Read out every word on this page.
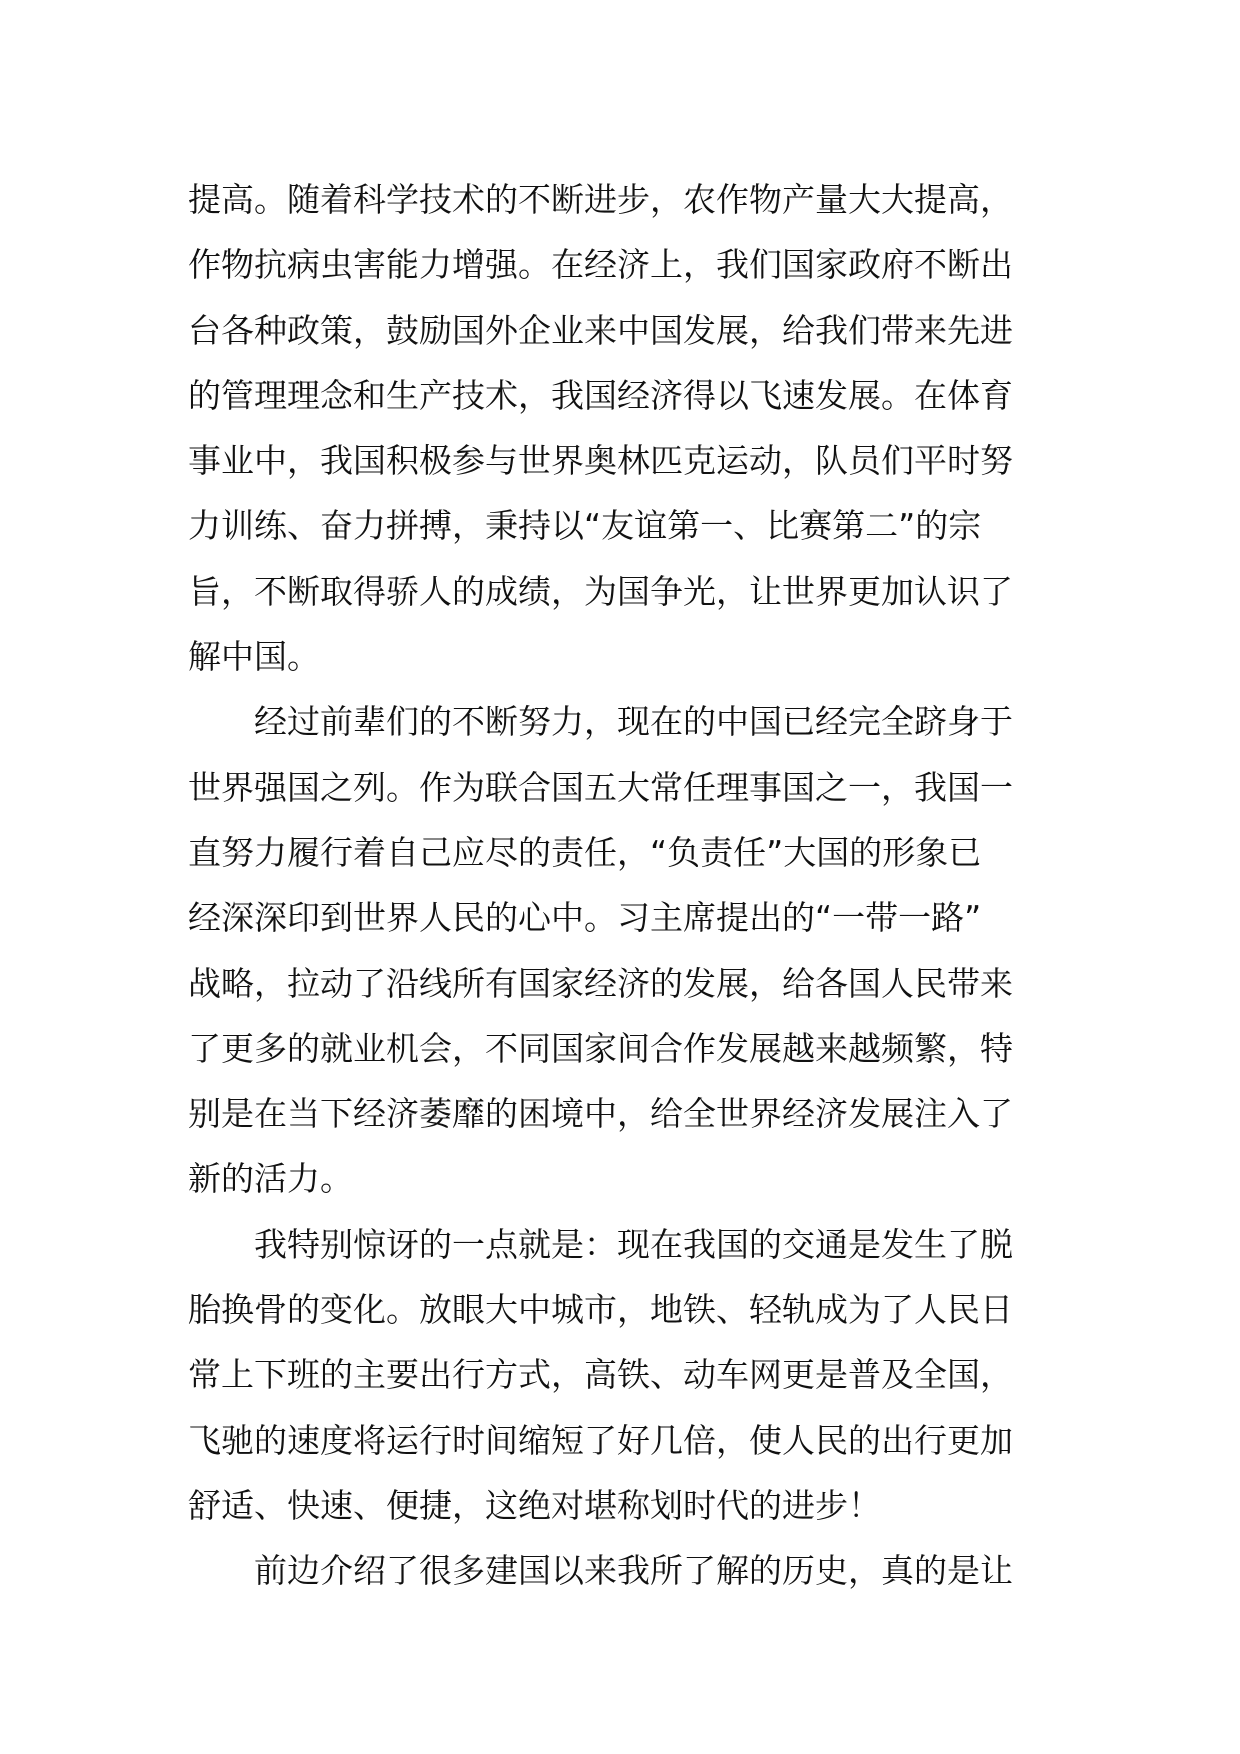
提高。随着科学技术的不断进步，农作物产量大大提高，
作物抗病虫害能力增强。在经济上，我们国家政府不断出
台各种政策，鼓励国外企业来中国发展，给我们带来先进
的管理理念和生产技术，我国经济得以飞速发展。在体育
事业中，我国积极参与世界奥林匹克运动，队员们平时努
力训练、奋力拼搏，秉持以“友谊第一、比赛第二”的宗
旨，不断取得骄人的成绩，为国争光，让世界更加认识了
解中国。
经过前辈们的不断努力，现在的中国已经完全跻身于
世界强国之列。作为联合国五大常任理事国之一，我国一
直努力履行着自己应尽的责任，“负责任”大国的形象已
经深深印到世界人民的心中。习主席提出的“一带一路”
战略，拉动了沿线所有国家经济的发展，给各国人民带来
了更多的就业机会，不同国家间合作发展越来越频繁，特
别是在当下经济萎靡的困境中，给全世界经济发展注入了
新的活力。
我特别惊讶的一点就是：现在我国的交通是发生了脱
胎换骨的变化。放眼大中城市，地铁、轻轨成为了人民日
常上下班的主要出行方式，高铁、动车网更是普及全国，
飞驰的速度将运行时间缩短了好几倍，使人民的出行更加
舒适、快速、便捷，这绝对堪称划时代的进步！
前边介绍了很多建国以来我所了解的历史，真的是让
